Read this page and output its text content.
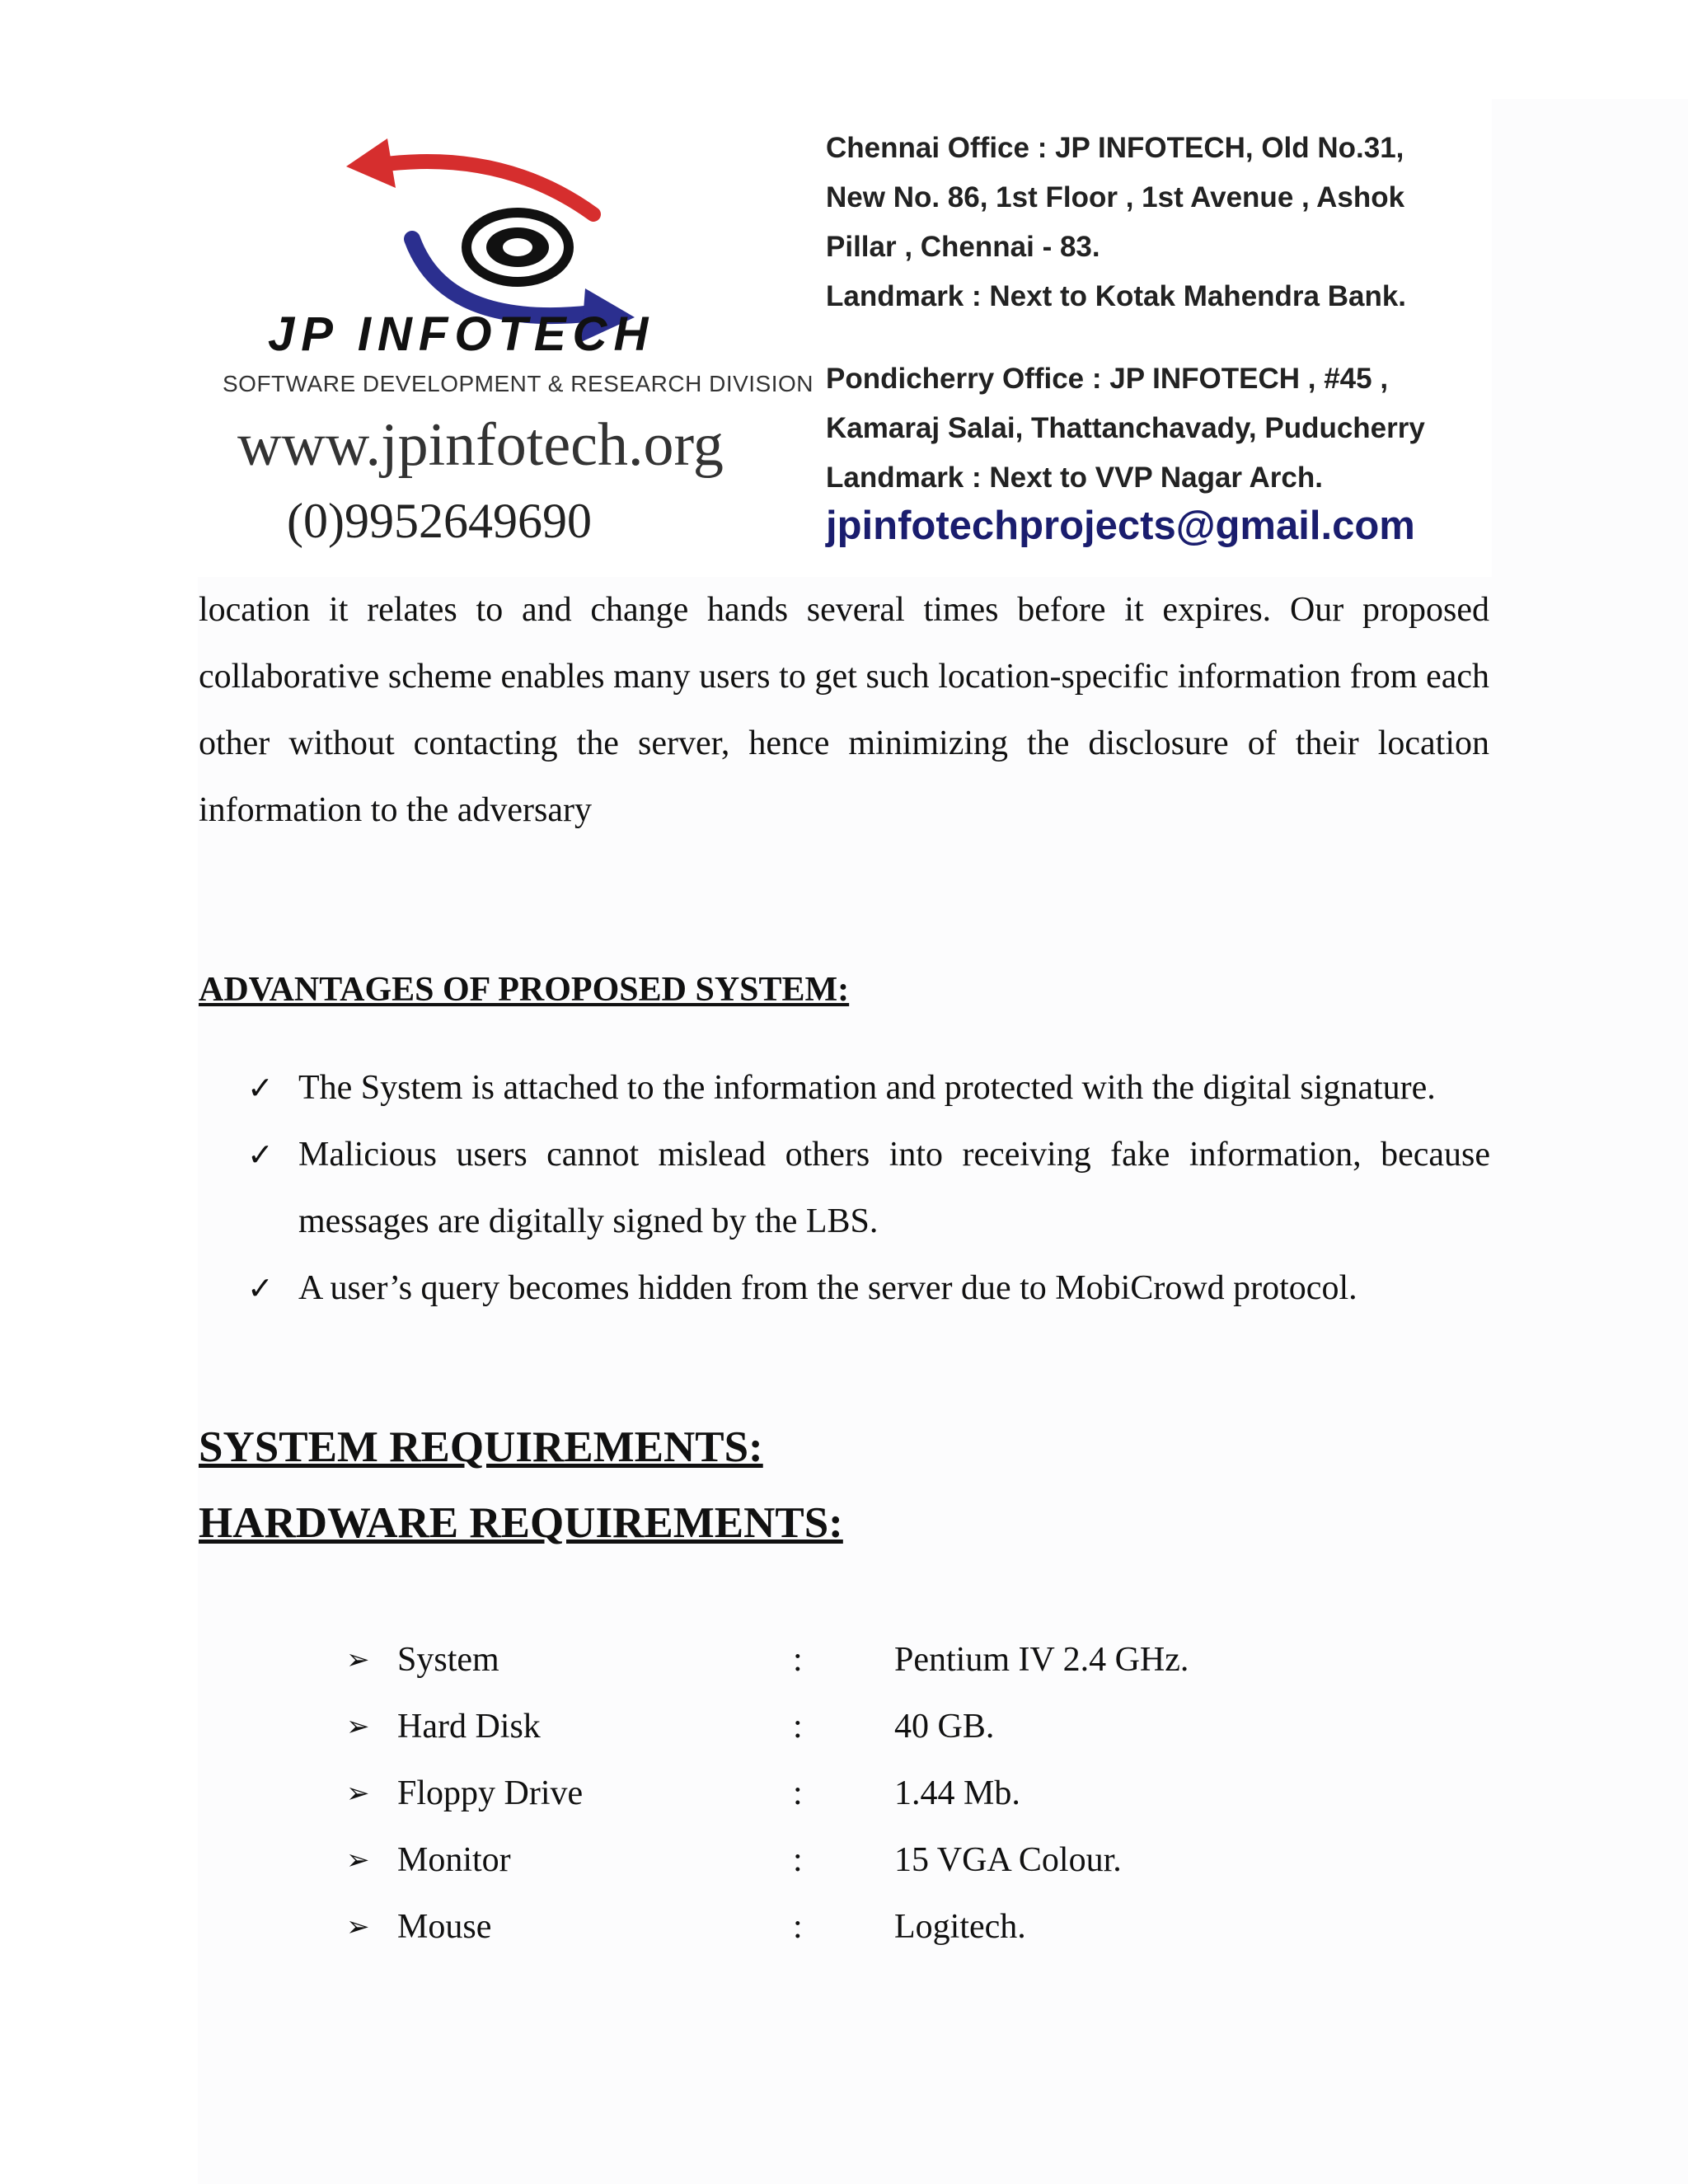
JP INFOTECH
SOFTWARE DEVELOPMENT & RESEARCH DIVISION
www.jpinfotech.org
(0)9952649690
Chennai Office : JP INFOTECH, Old No.31,
New No. 86, 1st Floor , 1st Avenue , Ashok
Pillar , Chennai - 83.
Landmark : Next to Kotak Mahendra Bank.
Pondicherry Office : JP INFOTECH , #45 ,
Kamaraj Salai, Thattanchavady, Puducherry
Landmark : Next to VVP Nagar Arch.
jpinfotechprojects@gmail.com

location it relates to and change hands several times before it expires. Our proposed collaborative scheme enables many users to get such location-specific information from each other without contacting the server, hence minimizing the disclosure of their location information to the adversary

ADVANTAGES OF PROPOSED SYSTEM:
✓ The System is attached to the information and protected with the digital signature.
✓ Malicious users cannot mislead others into receiving fake information, because messages are digitally signed by the LBS.
✓ A user’s query becomes hidden from the server due to MobiCrowd protocol.
SYSTEM REQUIREMENTS:
HARDWARE REQUIREMENTS:
➢ System	:	Pentium IV 2.4 GHz.
➢ Hard Disk	:	40 GB.
➢ Floppy Drive	:	1.44 Mb.
➢ Monitor	:	15 VGA Colour.
➢ Mouse	:	Logitech.
